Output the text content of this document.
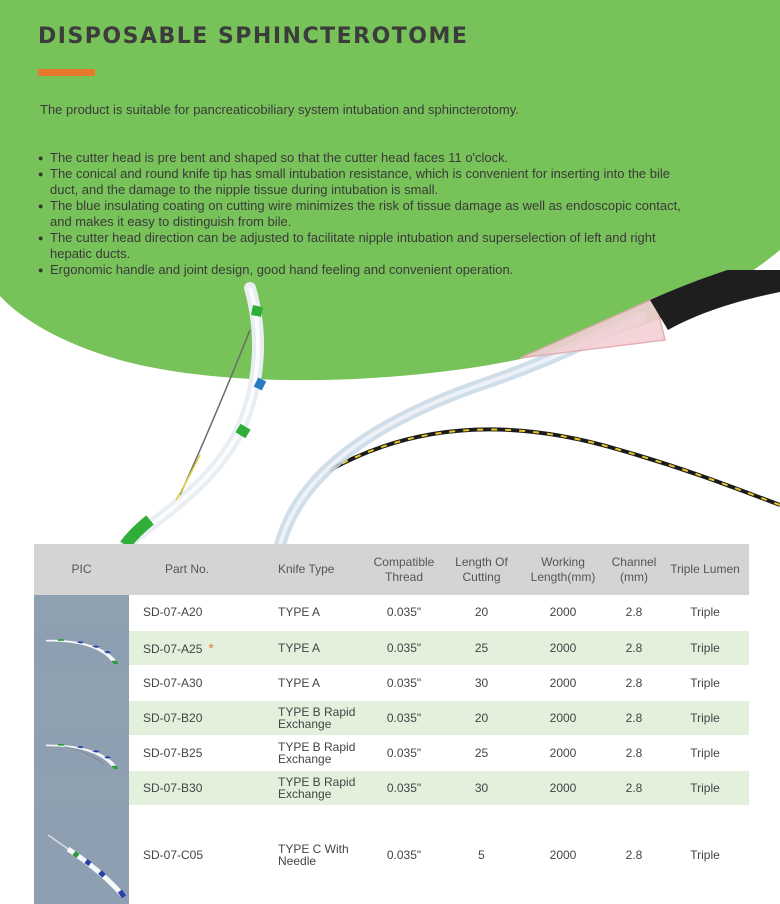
DISPOSABLE SPHINCTEROTOME

The product is suitable for pancreaticobiliary system intubation and sphincterotomy.

● The cutter head is pre bent and shaped so that the cutter head faces 11 o'clock.
● The conical and round knife tip has small intubation resistance, which is convenient for inserting into the bile duct, and the damage to the nipple tissue during intubation is small.
● The blue insulating coating on cutting wire minimizes the risk of tissue damage as well as endoscopic contact, and makes it easy to distinguish from bile.
● The cutter head direction can be adjusted to facilitate nipple intubation and superselection of left and right hepatic ducts.
● Ergonomic handle and joint design, good hand feeling and convenient operation.
PIC	Part No.	Knife Type	Compatible Thread	Length Of Cutting	Working Length(mm)	Channel (mm)	Triple Lumen

	SD-07-A20	TYPE A	0.035"	20	2000	2.8	Triple
	SD-07-A25 *	TYPE A	0.035"	25	2000	2.8	Triple
	SD-07-A30	TYPE A	0.035"	30	2000	2.8	Triple

	SD-07-B20	TYPE B Rapid Exchange	0.035"	20	2000	2.8	Triple
	SD-07-B25	TYPE B Rapid Exchange	0.035"	25	2000	2.8	Triple
	SD-07-B30	TYPE B Rapid Exchange	0.035"	30	2000	2.8	Triple

	SD-07-C05	TYPE C With Needle	0.035"	5	2000	2.8	Triple
